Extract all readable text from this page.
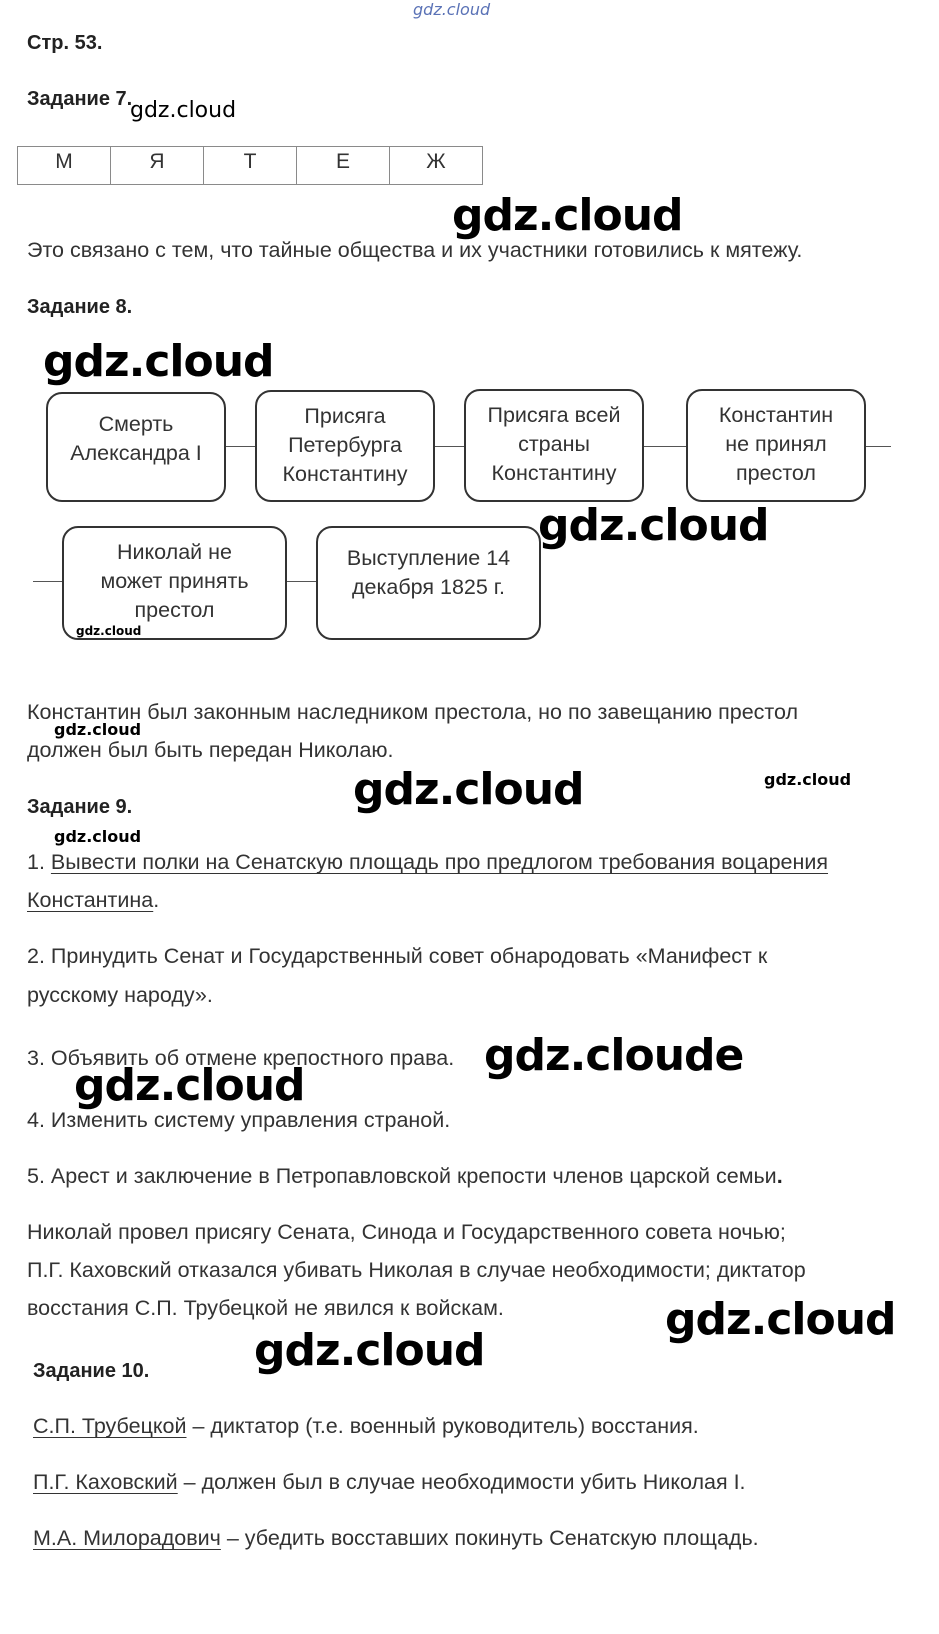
gdz.cloud
Стр. 53.
Задание 7.
gdz.cloud
М	Я	Т	Е	Ж
gdz.cloud
Это связано с тем, что тайные общества и их участники готовились к мятежу.
Задание 8.
gdz.cloud
Смерть
Александра I
Присяга
Петербурга
Константину
Присяга всей
страны
Константину
Константин
не принял
престол
Николай не
может принять
престол
gdz.cloud
Выступление 14
декабря 1825 г.
gdz.cloud
Константин был законным наследником престола, но по завещанию престол
gdz.cloud
должен был быть передан Николаю.
gdz.cloud
gdz.cloud
Задание 9.
gdz.cloud
1. Вывести полки на Сенатскую площадь про предлогом требования воцарения
Константина.
2. Принудить Сенат и Государственный совет обнародовать «Манифест к
русскому народу».
3. Объявить об отмене крепостного права. gdz.cloude
gdz.cloud
4. Изменить систему управления страной.
5. Арест и заключение в Петропавловской крепости членов царской семьи.
Николай провел присягу Сената, Синода и Государственного совета ночью;
П.Г. Каховский отказался убивать Николая в случае необходимости; диктатор
восстания С.П. Трубецкой не явился к войскам.	gdz.cloud
Задание 10. gdz.cloud
С.П. Трубецкой – диктатор (т.е. военный руководитель) восстания.
П.Г. Каховский – должен был в случае необходимости убить Николая I.
М.А. Милорадович – убедить восставших покинуть Сенатскую площадь.
